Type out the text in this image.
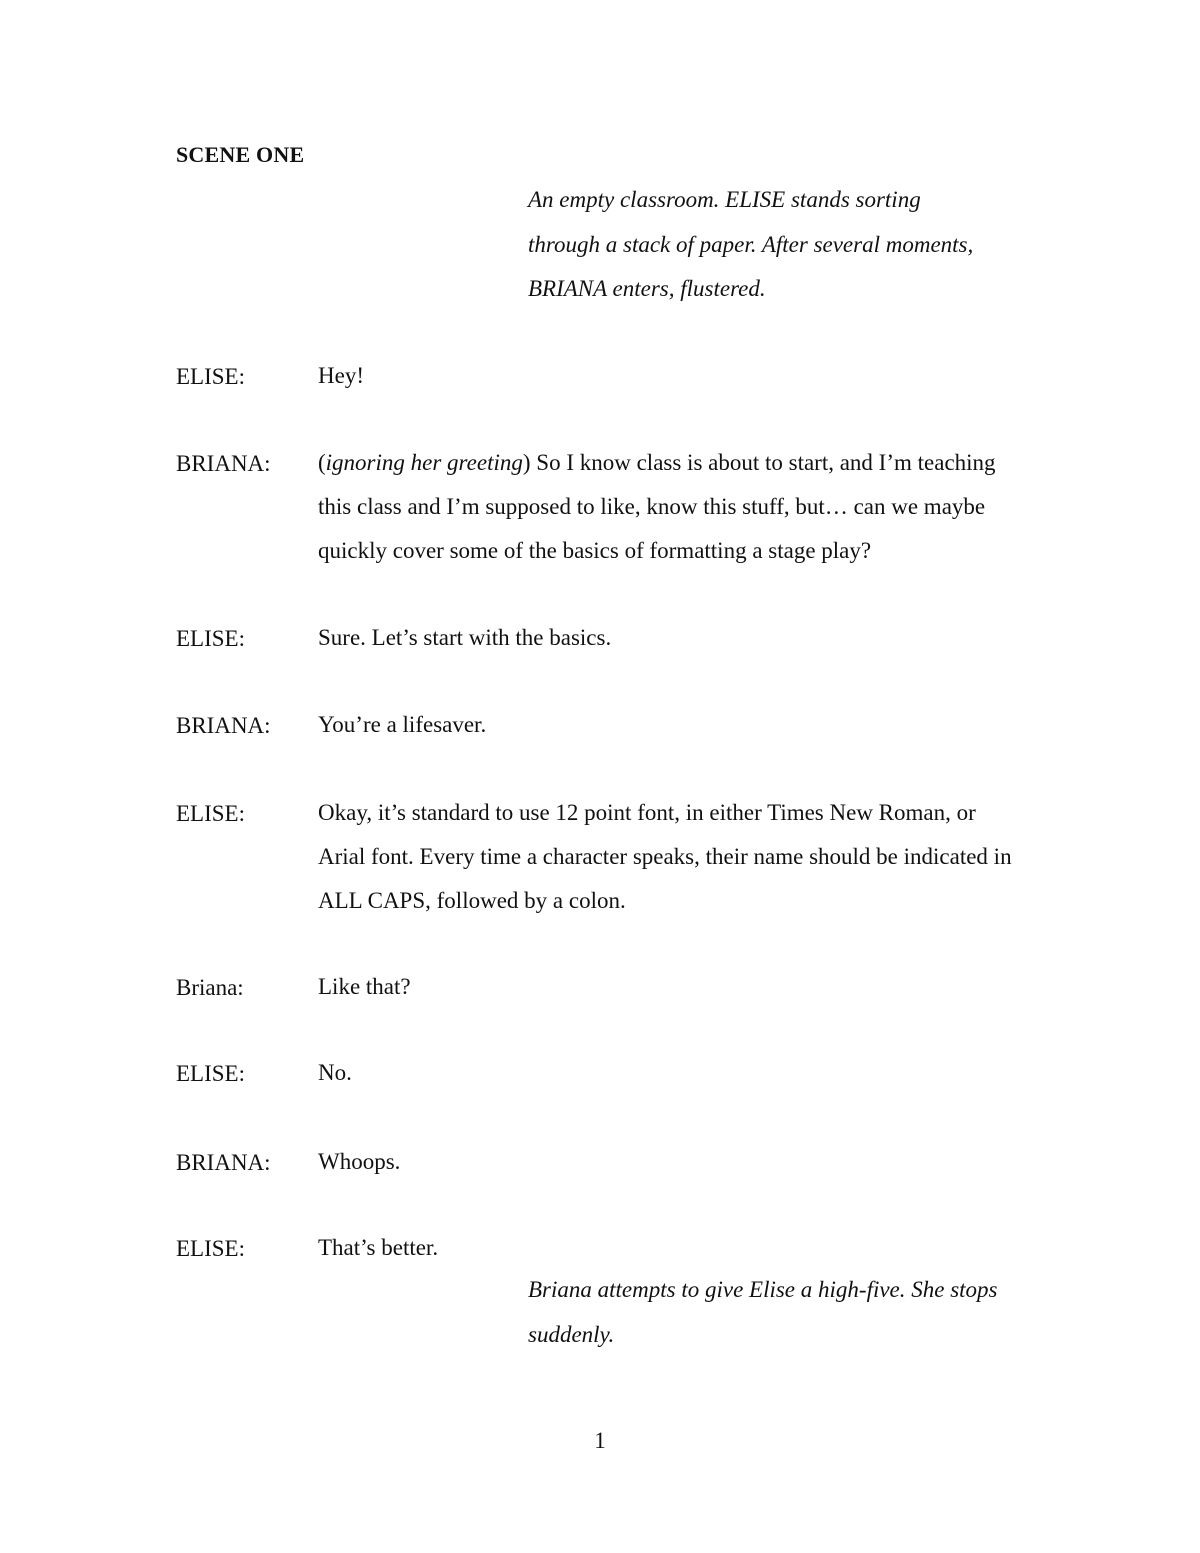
SCENE ONE
An empty classroom. ELISE stands sorting through a stack of paper. After several moments, BRIANA enters, flustered.
ELISE:	Hey!
BRIANA: (ignoring her greeting) So I know class is about to start, and I’m teaching this class and I’m supposed to like, know this stuff, but… can we maybe quickly cover some of the basics of formatting a stage play?
ELISE:	Sure. Let’s start with the basics.
BRIANA: You’re a lifesaver.
ELISE:	Okay, it’s standard to use 12 point font, in either Times New Roman, or Arial font. Every time a character speaks, their name should be indicated in ALL CAPS, followed by a colon.
Briana:	Like that?
ELISE:	No.
BRIANA: Whoops.
ELISE:	That’s better.
Briana attempts to give Elise a high-five. She stops suddenly.
1
